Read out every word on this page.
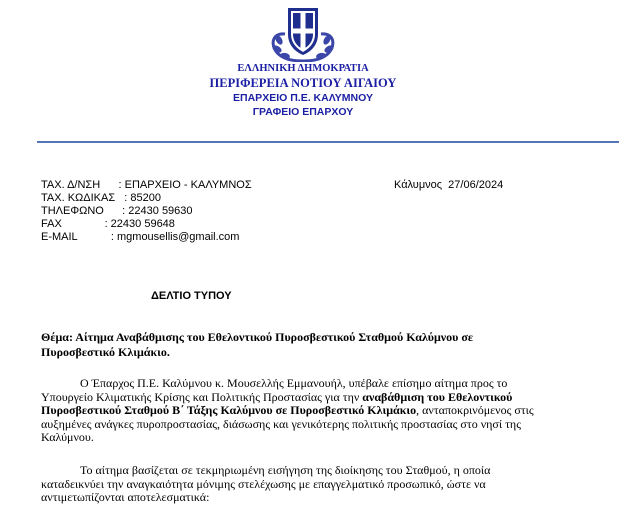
ΕΛΛΗΝΙΚΗ ΔΗΜΟΚΡΑΤΙΑ
ΠΕΡΙΦΕΡΕΙΑ ΝΟΤΙΟΥ ΑΙΓΑΙΟΥ
ΕΠΑΡΧΕΙΟ Π.Ε. ΚΑΛΥΜΝΟΥ
ΓΡΑΦΕΙΟ ΕΠΑΡΧΟΥ
ΤΑΧ. Δ/ΝΣΗ      : ΕΠΑΡΧΕΙΟ - ΚΑΛΥΜΝΟΣ
ΤΑΧ. ΚΩΔΙΚΑΣ   : 85200
ΤΗΛΕΦΩΝΟ      : 22430 59630
FAX              : 22430 59648
E-MAIL           : mgmousellis@gmail.com
Κάλυμνος  27/06/2024
ΔΕΛΤΙΟ ΤΥΠΟΥ
Θέμα: Αίτημα Αναβάθμισης του Εθελοντικού Πυροσβεστικού Σταθμού Καλύμνου σε
Πυροσβεστικό Κλιμάκιο.
Ο Έπαρχος Π.Ε. Καλύμνου κ. Μουσελλής Εμμανουήλ, υπέβαλε επίσημο αίτημα προς το
Υπουργείο Κλιματικής Κρίσης και Πολιτικής Προστασίας για την αναβάθμιση του Εθελοντικού
Πυροσβεστικού Σταθμού Β΄ Τάξης Καλύμνου σε Πυροσβεστικό Κλιμάκιο, ανταποκρινόμενος στις
αυξημένες ανάγκες πυροπροστασίας, διάσωσης και γενικότερης πολιτικής προστασίας στο νησί της
Καλύμνου.
Το αίτημα βασίζεται σε τεκμηριωμένη εισήγηση της διοίκησης του Σταθμού, η οποία
καταδεικνύει την αναγκαιότητα μόνιμης στελέχωσης με επαγγελματικό προσωπικό, ώστε να
αντιμετωπίζονται αποτελεσματικά:
